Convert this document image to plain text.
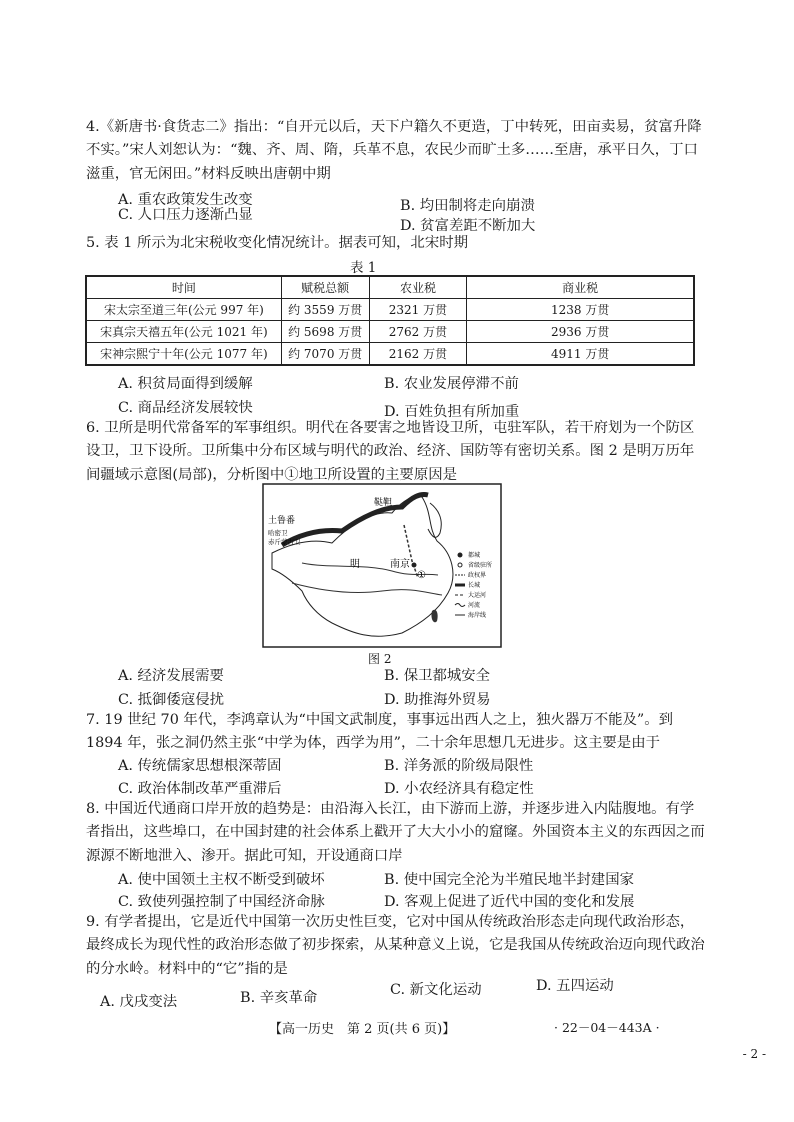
4.《新唐书·食货志二》指出：“自开元以后，天下户籍久不更造，丁中转死，田亩卖易，贫富升降不实。”宋人刘恕认为：“魏、齐、周、隋，兵革不息，农民少而旷土多……至唐，承平日久，丁口滋重，官无闲田。”材料反映出唐朝中期

A. 重农政策发生改变	B. 均田制将走向崩溃
C. 人口压力逐渐凸显
D. 贫富差距不断加大

5. 表 1 所示为北宋税收变化情况统计。据表可知，北宋时期

表 1
时间	赋税总额	农业税	商业税
宋太宗至道三年(公元 997 年)	约 3559 万贯	2321 万贯	1238 万贯
宋真宗天禧五年(公元 1021 年)	约 5698 万贯	2762 万贯	2936 万贯
宋神宗熙宁十年(公元 1077 年)	约 7070 万贯	2162 万贯	4911 万贯
A. 积贫局面得到缓解	B. 农业发展停滞不前
C. 商品经济发展较快	D. 百姓负担有所加重

6. 卫所是明代常备军的军事组织。明代在各要害之地皆设卫所，屯驻军队，若干府划为一个防区设卫，卫下设所。卫所集中分布区域与明代的政治、经济、国防等有密切关系。图 2 是明万历年间疆域示意图(局部)，分析图中①地卫所设置的主要原因是

都城
省级驻所
政权界
长城
大运河
河流
海岸线
鞑靼
土鲁番
哈密卫
赤斤蒙古卫
明	南京
①
图 2
A. 经济发展需要	B. 保卫都城安全
C. 抵御倭寇侵扰	D. 助推海外贸易

7. 19 世纪 70 年代，李鸿章认为“中国文武制度，事事远出西人之上，独火器万不能及”。到 1894 年，张之洞仍然主张“中学为体，西学为用”，二十余年思想几无进步。这主要是由于

A. 传统儒家思想根深蒂固	B. 洋务派的阶级局限性
C. 政治体制改革严重滞后	D. 小农经济具有稳定性

8. 中国近代通商口岸开放的趋势是：由沿海入长江，由下游而上游，并逐步进入内陆腹地。有学者指出，这些埠口，在中国封建的社会体系上戳开了大大小小的窟窿。外国资本主义的东西因之而源源不断地泄入、渗开。据此可知，开设通商口岸

A. 使中国领土主权不断受到破坏	B. 使中国完全沦为半殖民地半封建国家
C. 致使列强控制了中国经济命脉	D. 客观上促进了近代中国的变化和发展

9. 有学者提出，它是近代中国第一次历史性巨变，它对中国从传统政治形态走向现代政治形态，最终成长为现代性的政治形态做了初步探索，从某种意义上说，它是我国从传统政治迈向现代政治的分水岭。材料中的“它”指的是

A. 戊戌变法	B. 辛亥革命	C. 新文化运动	D. 五四运动
【高一历史　第 2 页(共 6 页)】	· 22－04－443A ·
- 2 -
